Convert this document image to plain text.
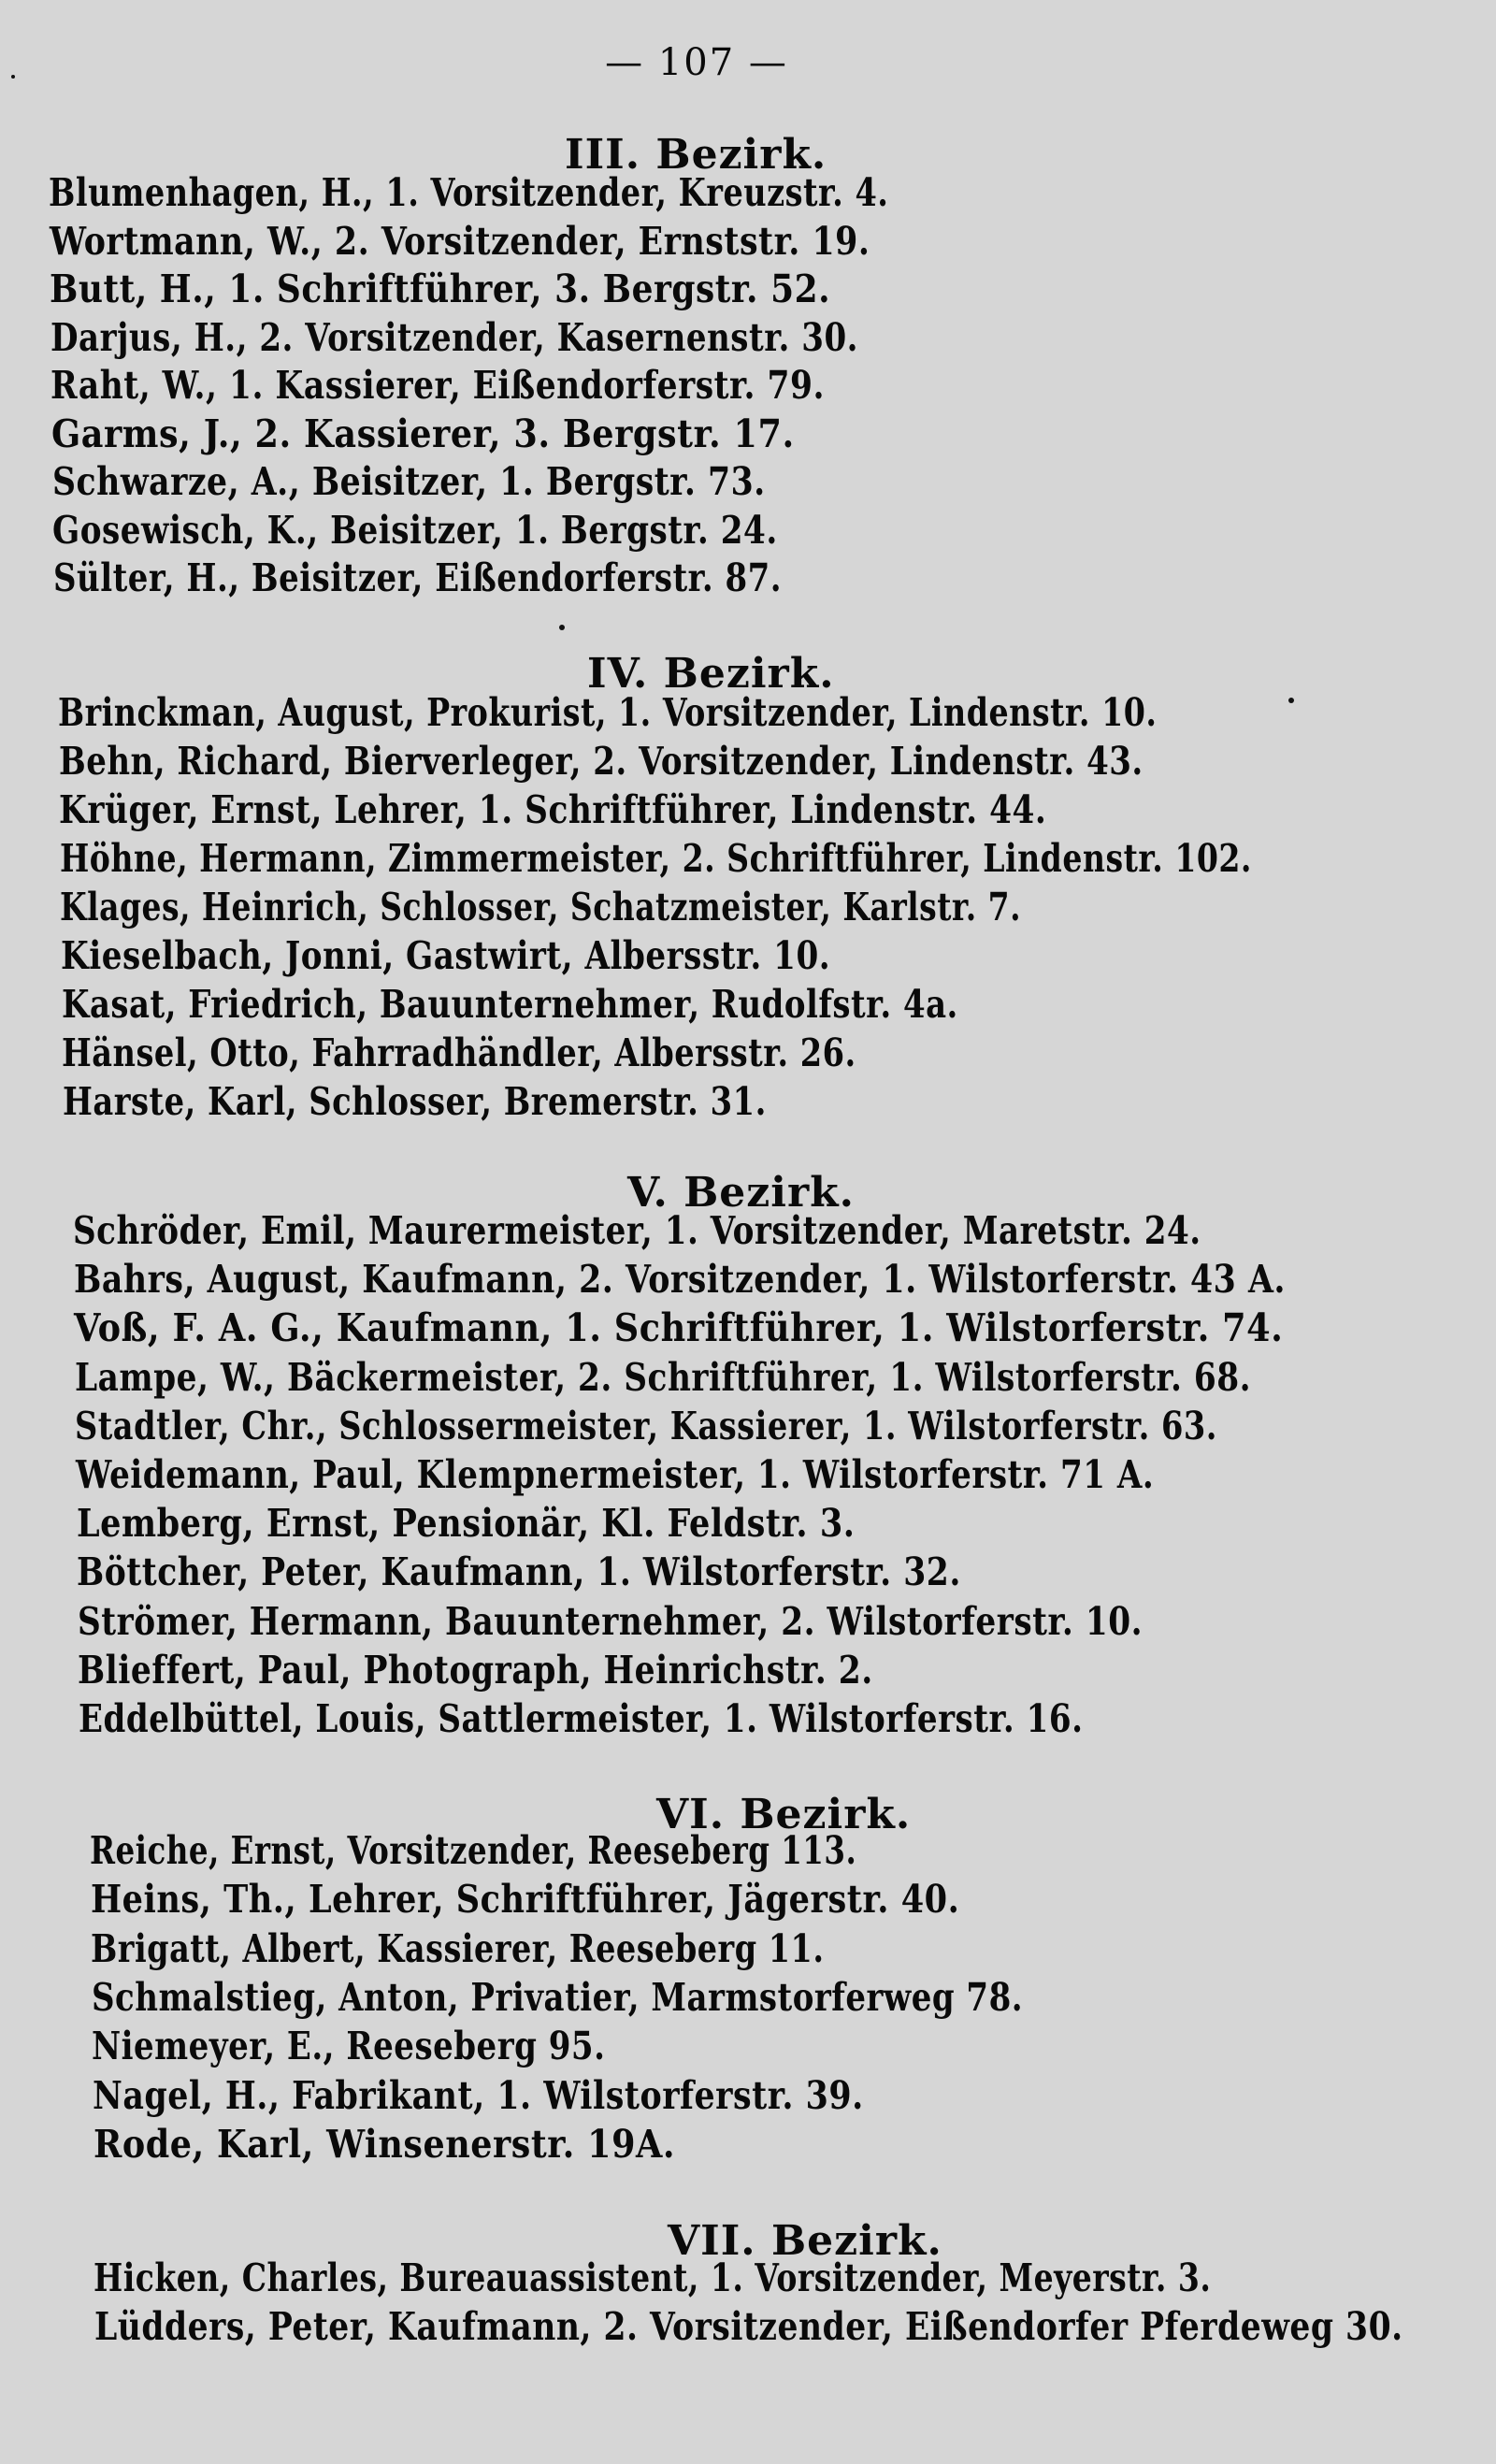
— 107 —
III. Bezirk.
Blumenhagen, H., 1. Vorsitzender, Kreuzstr. 4.
Wortmann, W., 2. Vorsitzender, Ernststr. 19.
Butt, H., 1. Schriftführer, 3. Bergstr. 52.
Darjus, H., 2. Vorsitzender, Kasernenstr. 30.
Raht, W., 1. Kassierer, Eißendorferstr. 79.
Garms, J., 2. Kassierer, 3. Bergstr. 17.
Schwarze, A., Beisitzer, 1. Bergstr. 73.
Gosewisch, K., Beisitzer, 1. Bergstr. 24.
Sülter, H., Beisitzer, Eißendorferstr. 87.
IV. Bezirk.
Brinckman, August, Prokurist, 1. Vorsitzender, Lindenstr. 10.
Behn, Richard, Bierverleger, 2. Vorsitzender, Lindenstr. 43.
Krüger, Ernst, Lehrer, 1. Schriftführer, Lindenstr. 44.
Höhne, Hermann, Zimmermeister, 2. Schriftführer, Lindenstr. 102.
Klages, Heinrich, Schlosser, Schatzmeister, Karlstr. 7.
Kieselbach, Jonni, Gastwirt, Albersstr. 10.
Kasat, Friedrich, Bauunternehmer, Rudolfstr. 4a.
Hänsel, Otto, Fahrradhändler, Albersstr. 26.
Harste, Karl, Schlosser, Bremerstr. 31.
V. Bezirk.
Schröder, Emil, Maurermeister, 1. Vorsitzender, Maretstr. 24.
Bahrs, August, Kaufmann, 2. Vorsitzender, 1. Wilstorferstr. 43 A.
Voß, F. A. G., Kaufmann, 1. Schriftführer, 1. Wilstorferstr. 74.
Lampe, W., Bäckermeister, 2. Schriftführer, 1. Wilstorferstr. 68.
Stadtler, Chr., Schlossermeister, Kassierer, 1. Wilstorferstr. 63.
Weidemann, Paul, Klempnermeister, 1. Wilstorferstr. 71 A.
Lemberg, Ernst, Pensionär, Kl. Feldstr. 3.
Böttcher, Peter, Kaufmann, 1. Wilstorferstr. 32.
Strömer, Hermann, Bauunternehmer, 2. Wilstorferstr. 10.
Blieffert, Paul, Photograph, Heinrichstr. 2.
Eddelbüttel, Louis, Sattlermeister, 1. Wilstorferstr. 16.
VI. Bezirk.
Reiche, Ernst, Vorsitzender, Reeseberg 113.
Heins, Th., Lehrer, Schriftführer, Jägerstr. 40.
Brigatt, Albert, Kassierer, Reeseberg 11.
Schmalstieg, Anton, Privatier, Marmstorferweg 78.
Niemeyer, E., Reeseberg 95.
Nagel, H., Fabrikant, 1. Wilstorferstr. 39.
Rode, Karl, Winsenerstr. 19A.
VII. Bezirk.
Hicken, Charles, Bureauassistent, 1. Vorsitzender, Meyerstr. 3.
Lüdders, Peter, Kaufmann, 2. Vorsitzender, Eißendorfer Pferdeweg 30.
